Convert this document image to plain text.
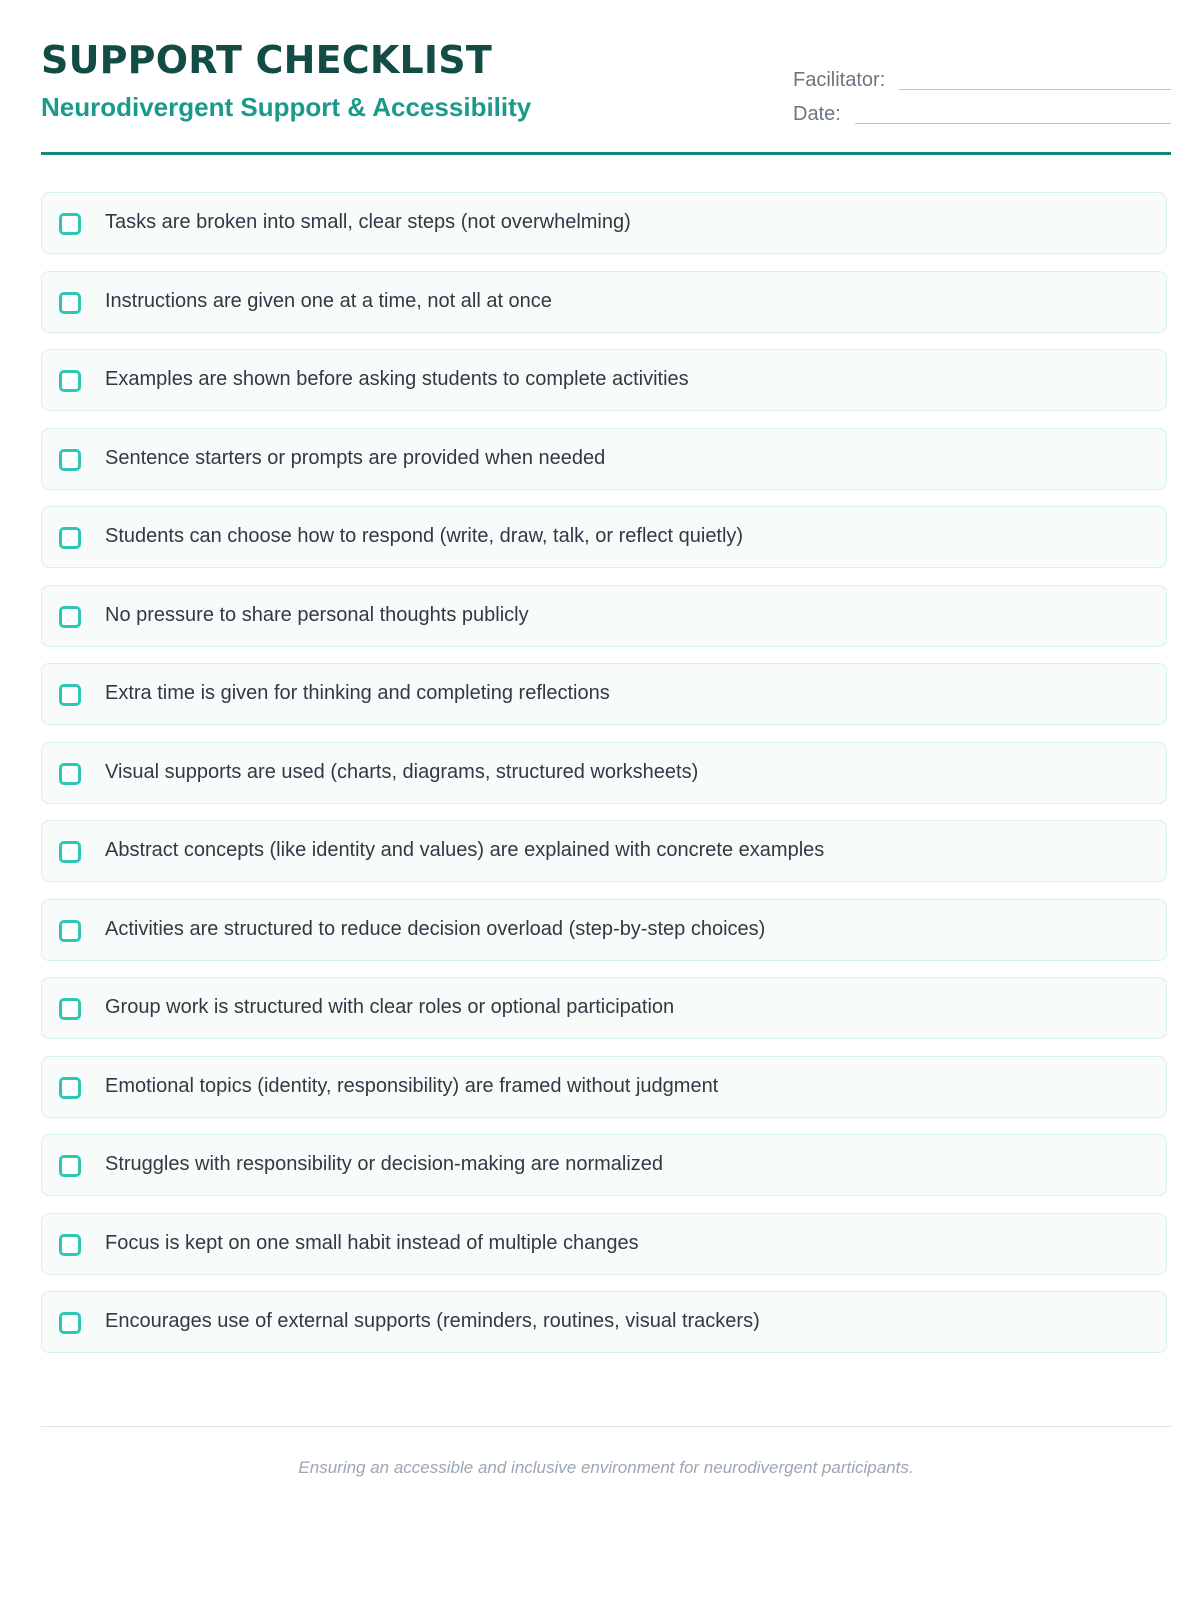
SUPPORT CHECKLIST
Neurodivergent Support & Accessibility
Facilitator:
Date:
Tasks are broken into small, clear steps (not overwhelming)
Instructions are given one at a time, not all at once
Examples are shown before asking students to complete activities
Sentence starters or prompts are provided when needed
Students can choose how to respond (write, draw, talk, or reflect quietly)
No pressure to share personal thoughts publicly
Extra time is given for thinking and completing reflections
Visual supports are used (charts, diagrams, structured worksheets)
Abstract concepts (like identity and values) are explained with concrete examples
Activities are structured to reduce decision overload (step-by-step choices)
Group work is structured with clear roles or optional participation
Emotional topics (identity, responsibility) are framed without judgment
Struggles with responsibility or decision-making are normalized
Focus is kept on one small habit instead of multiple changes
Encourages use of external supports (reminders, routines, visual trackers)

Ensuring an accessible and inclusive environment for neurodivergent participants.
